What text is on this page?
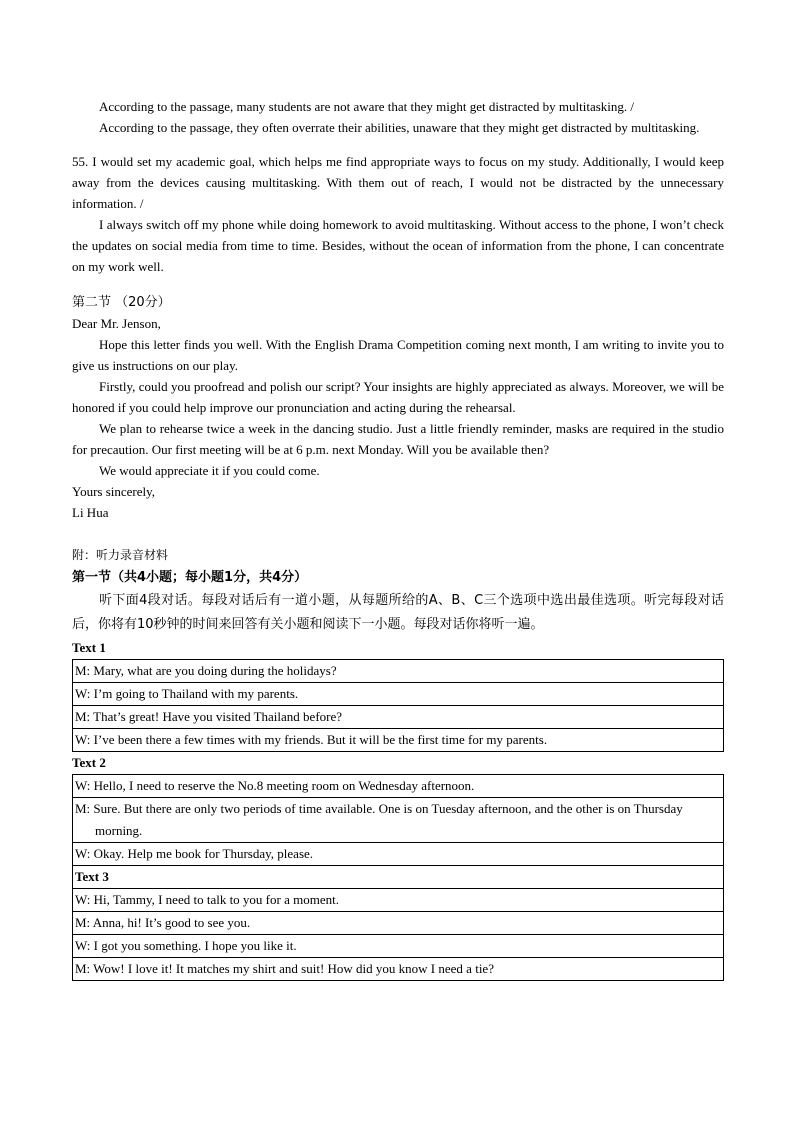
According to the passage, many students are not aware that they might get distracted by multitasking. /

According to the passage, they often overrate their abilities, unaware that they might get distracted by multitasking.

55. I would set my academic goal, which helps me find appropriate ways to focus on my study. Additionally, I would keep away from the devices causing multitasking. With them out of reach, I would not be distracted by the unnecessary information. /

I always switch off my phone while doing homework to avoid multitasking. Without access to the phone, I won’t check the updates on social media from time to time. Besides, without the ocean of information from the phone, I can concentrate on my work well.

第二节 （20分）

Dear Mr. Jenson,

Hope this letter finds you well. With the English Drama Competition coming next month, I am writing to invite you to give us instructions on our play.

Firstly, could you proofread and polish our script? Your insights are highly appreciated as always. Moreover, we will be honored if you could help improve our pronunciation and acting during the rehearsal.

We plan to rehearse twice a week in the dancing studio. Just a little friendly reminder, masks are required in the studio for precaution. Our first meeting will be at 6 p.m. next Monday. Will you be available then?

We would appreciate it if you could come.

Yours sincerely,

Li Hua

附：听力录音材料

第一节（共4小题；每小题1分，共4分）

听下面4段对话。每段对话后有一道小题，从每题所给的A、B、C三个选项中选出最佳选项。听完每段对话后，你将有10秒钟的时间来回答有关小题和阅读下一小题。每段对话你将听一遍。

Text 1
M: Mary, what are you doing during the holidays?
W: I’m going to Thailand with my parents.
M: That’s great! Have you visited Thailand before?
W: I’ve been there a few times with my friends. But it will be the first time for my parents.
Text 2
W: Hello, I need to reserve the No.8 meeting room on Wednesday afternoon.
M: Sure. But there are only two periods of time available. One is on Tuesday afternoon, and the other is on Thursday morning.
W: Okay. Help me book for Thursday, please.
Text 3
W: Hi, Tammy, I need to talk to you for a moment.
M: Anna, hi! It’s good to see you.
W: I got you something. I hope you like it.
M: Wow! I love it! It matches my shirt and suit! How did you know I need a tie?
